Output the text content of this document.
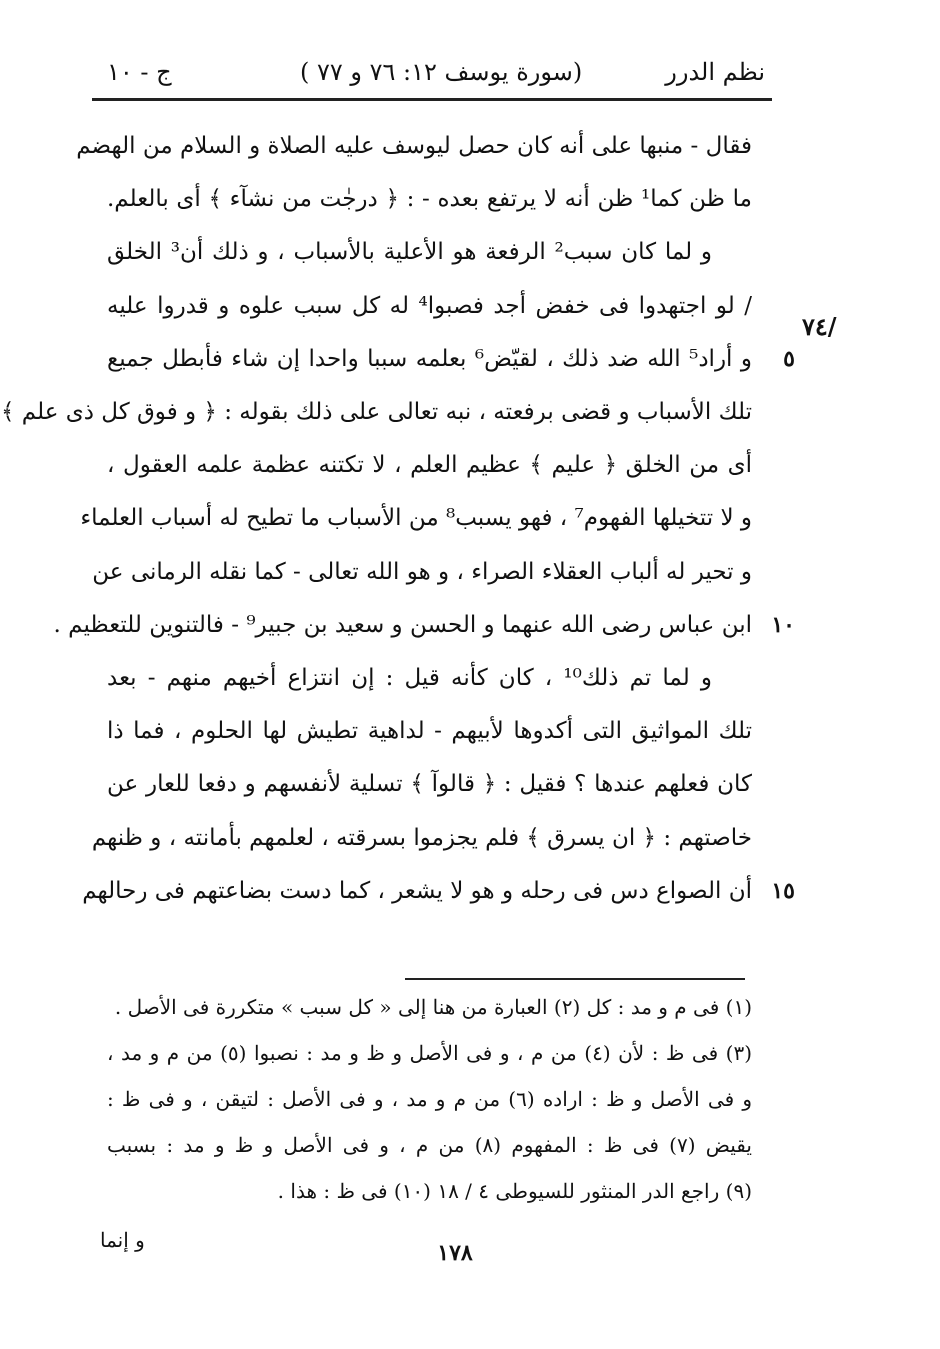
نظم الدرر
(سورة يوسف ١٢: ٧٦ و ٧٧ )
ج - ١٠
فقال - منبها على أنه كان حصل ليوسف عليه الصلاة و السلام من الهضم
ما ظن كما¹ ظن أنه لا يرتفع بعده - : ﴿ درجٰت من نشآء ﴾ أى بالعلم.
و لما كان سبب² الرفعة هو الأعلية بالأسباب ، و ذلك أن³ الخلق
/ لو اجتهدوا فى خفض أجد فصبوا⁴ له كل سبب علوه و قدروا عليه
و أراد⁵ الله ضد ذلك ، لقيّض⁶ بعلمه سببا واحدا إن شاء فأبطل جميع	٥
تلك الأسباب و قضى برفعته ، نبه تعالى على ذلك بقوله : ﴿ و فوق كل ذى علم ﴾
أى من الخلق ﴿ عليم ﴾ عظيم العلم ، لا تكتنه عظمة علمه العقول ،
و لا تتخيلها الفهوم⁷ ، فهو يسبب⁸ من الأسباب ما تطيح له أسباب العلماء
و تحير له ألباب العقلاء الصراء ، و هو الله تعالى - كما نقله الرمانى عن
ابن عباس رضى الله عنهما و الحسن و سعيد بن جبير⁹ - فالتنوين للتعظيم . ١٠
و لما تم ذلك¹⁰ ، كان كأنه قيل : إن انتزاع أخيهم منهم - بعد
تلك المواثيق التى أكدوها لأبيهم - لداهية تطيش لها الحلوم ، فما ذا
كان فعلهم عندها ؟ فقيل : ﴿ قالوآ ﴾ تسلية لأنفسهم و دفعا للعار عن
خاصتهم : ﴿ ان يسرق ﴾ فلم يجزموا بسرقته ، لعلمهم بأمانته ، و ظنهم
أن الصواع دس فى رحله و هو لا يشعر ، كما دست بضاعتهم فى رحالهم ١٥
/٧٤
(١) فى م و مد : كل (٢) العبارة من هنا إلى « كل سبب » متكررة فى الأصل .
(٣) فى ظ : لأن (٤) من م ، و فى الأصل و ظ و مد : نصبوا (٥) من م و مد ،
و فى الأصل و ظ : اراده (٦) من م و مد ، و فى الأصل : لتيقن ، و فى ظ :
يقيض (٧) فى ظ : المفهوم (٨) من م ، و فى الأصل و ظ و مد : بسبب
(٩) راجع الدر المنثور للسيوطى ٤ / ١٨ (١٠) فى ظ : هذا .
و إنما	١٧٨
